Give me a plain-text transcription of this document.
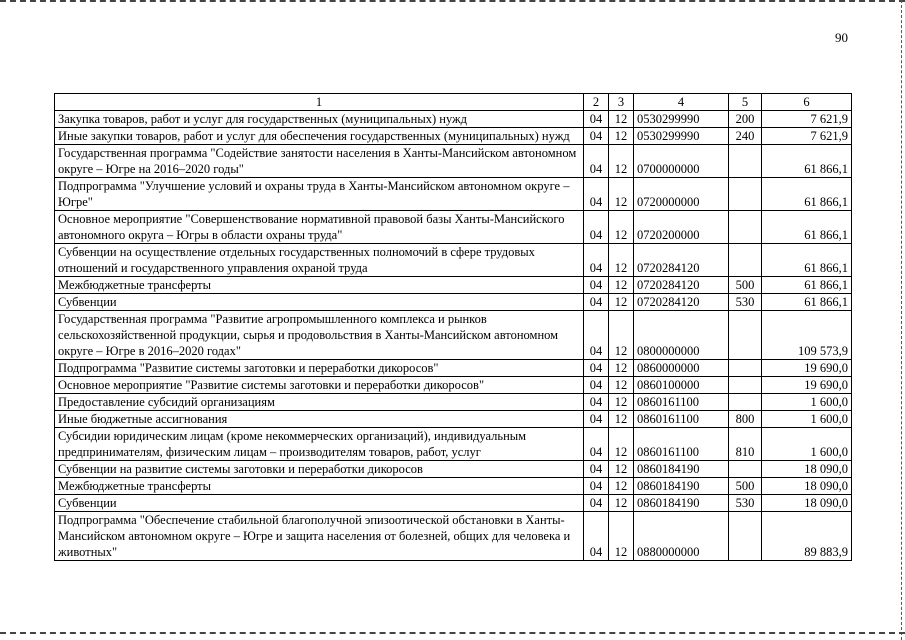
90
1	2	3	4	5	6
Закупка товаров, работ и услуг для государственных (муниципальных) нужд	04	12	0530299990	200	7 621,9
Иные закупки товаров, работ и услуг для обеспечения государственных (муниципальных) нужд	04	12	0530299990	240	7 621,9
Государственная программа "Содействие занятости населения в Ханты-Мансийском автономном округе – Югре на 2016–2020 годы"	04	12	0700000000		61 866,1
Подпрограмма "Улучшение условий и охраны труда в Ханты-Мансийском автономном округе – Югре"	04	12	0720000000		61 866,1
Основное мероприятие "Совершенствование нормативной правовой базы Ханты-Мансийского автономного округа – Югры в области охраны труда"	04	12	0720200000		61 866,1
Субвенции на осуществление отдельных государственных полномочий в сфере трудовых отношений и государственного управления охраной труда	04	12	0720284120		61 866,1
Межбюджетные трансферты	04	12	0720284120	500	61 866,1
Субвенции	04	12	0720284120	530	61 866,1
Государственная программа "Развитие агропромышленного комплекса и рынков сельскохозяйственной продукции, сырья и продовольствия в Ханты-Мансийском автономном округе – Югре в 2016–2020 годах"	04	12	0800000000		109 573,9
Подпрограмма "Развитие системы заготовки и переработки дикоросов"	04	12	0860000000		19 690,0
Основное мероприятие "Развитие системы заготовки и переработки дикоросов"	04	12	0860100000		19 690,0
Предоставление субсидий организациям	04	12	0860161100		1 600,0
Иные бюджетные ассигнования	04	12	0860161100	800	1 600,0
Субсидии юридическим лицам (кроме некоммерческих организаций), индивидуальным предпринимателям, физическим лицам – производителям товаров, работ, услуг	04	12	0860161100	810	1 600,0
Субвенции на развитие системы заготовки и переработки дикоросов	04	12	0860184190		18 090,0
Межбюджетные трансферты	04	12	0860184190	500	18 090,0
Субвенции	04	12	0860184190	530	18 090,0
Подпрограмма "Обеспечение стабильной благополучной эпизоотической обстановки в Ханты-Мансийском автономном округе – Югре и защита населения от болезней, общих для человека и животных"	04	12	0880000000		89 883,9
